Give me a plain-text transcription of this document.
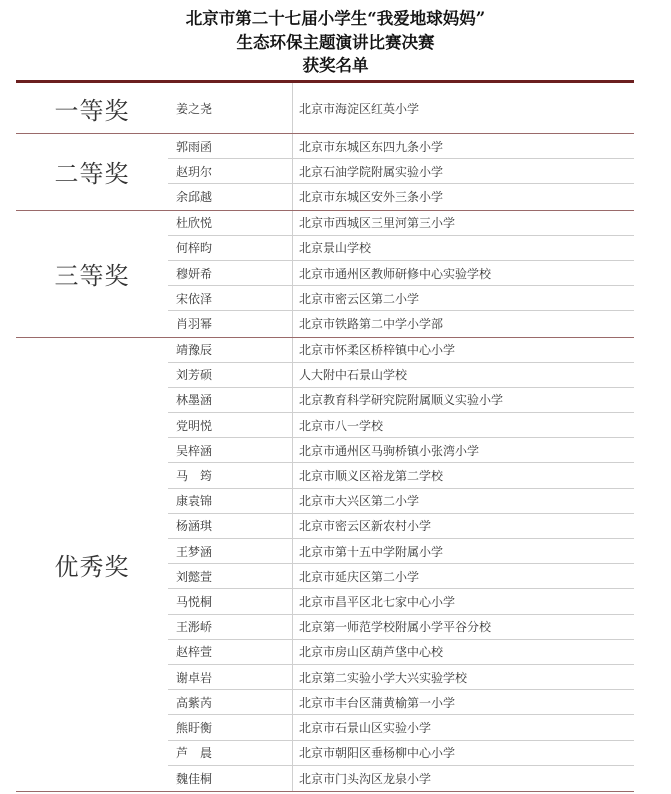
北京市第二十七届小学生“我爱地球妈妈”
生态环保主题演讲比赛决赛
获奖名单
一等奖	姜之尧	北京市海淀区红英小学
二等奖
郭雨函	北京市东城区东四九条小学
赵玥尔	北京石油学院附属实验小学
余邱越	北京市东城区安外三条小学
三等奖
杜欣悦	北京市西城区三里河第三小学
何梓昀	北京景山学校
穆妍希	北京市通州区教师研修中心实验学校
宋依泽	北京市密云区第二小学
肖羽幂	北京市铁路第二中学小学部
优秀奖
靖豫辰	北京市怀柔区桥梓镇中心小学
刘芳硕	人大附中石景山学校
林墨涵	北京教育科学研究院附属顺义实验小学
党明悦	北京市八一学校
吴梓涵	北京市通州区马驹桥镇小张湾小学
马　筠	北京市顺义区裕龙第二学校
康袁锦	北京市大兴区第二小学
杨涵琪	北京市密云区新农村小学
王梦涵	北京市第十五中学附属小学
刘懿萱	北京市延庆区第二小学
马悦桐	北京市昌平区北七家中心小学
王浵峤	北京第一师范学校附属小学平谷分校
赵梓萱	北京市房山区葫芦垡中心校
谢卓岩	北京第二实验小学大兴实验学校
高紫芮	北京市丰台区蒲黄榆第一小学
熊盱衡	北京市石景山区实验小学
芦　晨	北京市朝阳区垂杨柳中心小学
魏佳桐	北京市门头沟区龙泉小学
